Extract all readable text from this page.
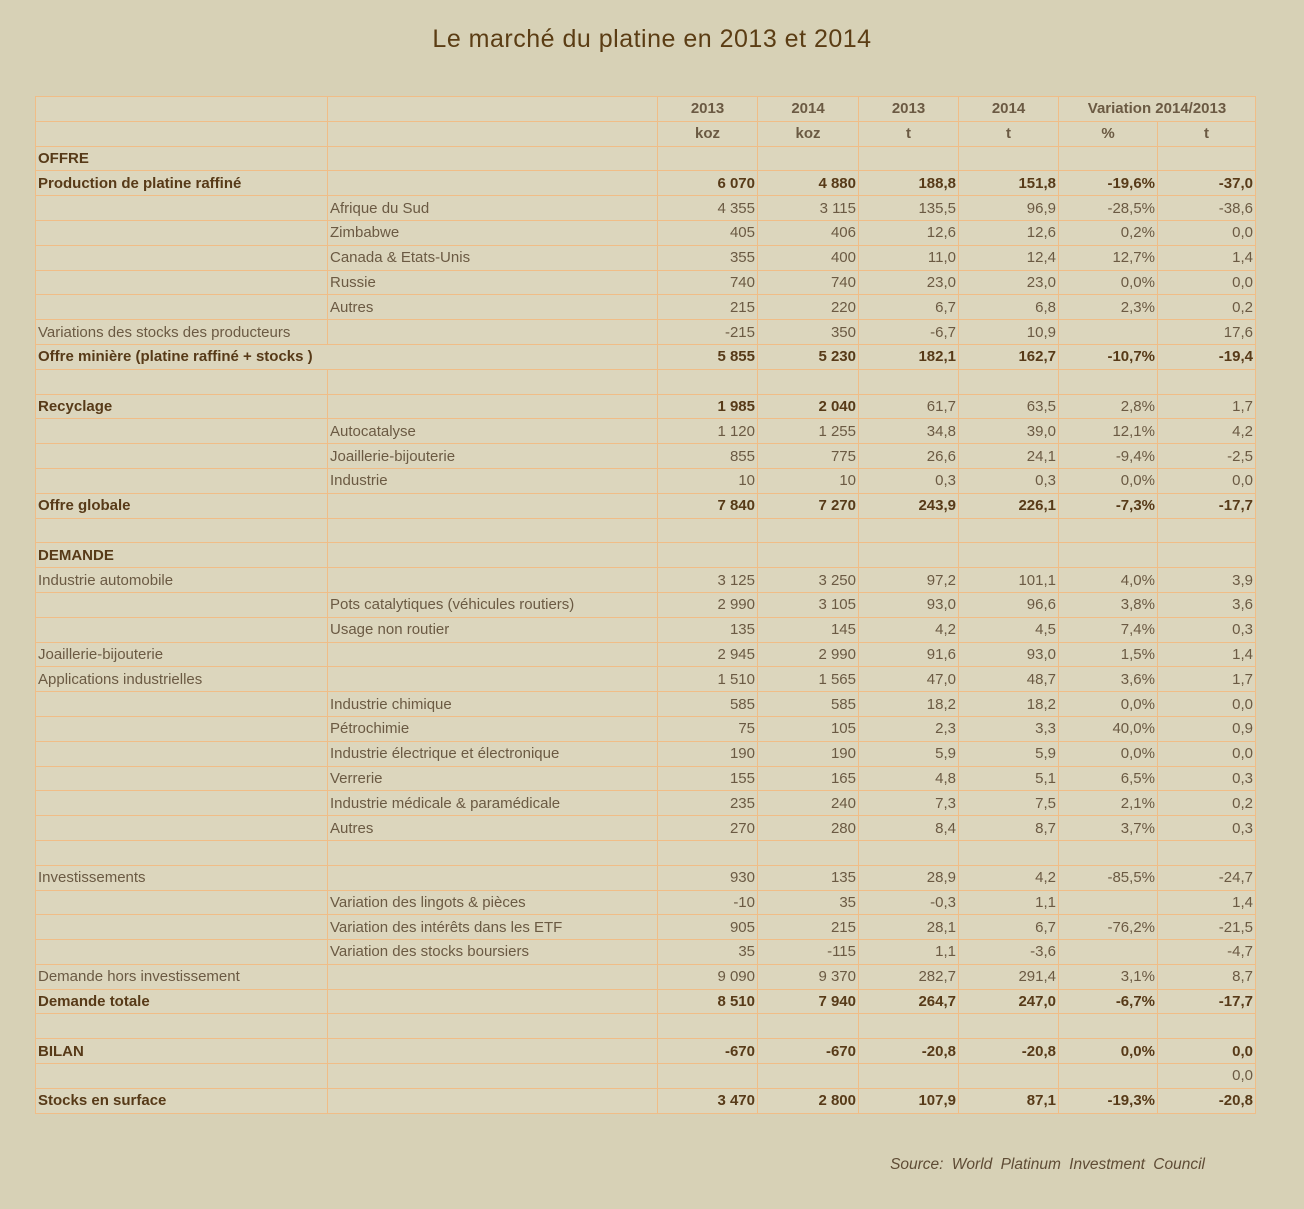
Le marché du platine en 2013 et 2014
		2013	2014	2013	2014	Variation 2014/2013	
		koz	koz	t	t	%	t
OFFRE							
Production de platine raffiné		6 070	4 880	188,8	151,8	-19,6%	-37,0
	Afrique du Sud	4 355	3 115	135,5	96,9	-28,5%	-38,6
	Zimbabwe	405	406	12,6	12,6	0,2%	0,0
	Canada & Etats-Unis	355	400	11,0	12,4	12,7%	1,4
	Russie	740	740	23,0	23,0	0,0%	0,0
	Autres	215	220	6,7	6,8	2,3%	0,2
Variations des stocks des producteurs		-215	350	-6,7	10,9		17,6
Offre minière (platine raffiné + stocks )		5 855	5 230	182,1	162,7	-10,7%	-19,4

Recyclage		1 985	2 040	61,7	63,5	2,8%	1,7
	Autocatalyse	1 120	1 255	34,8	39,0	12,1%	4,2
	Joaillerie-bijouterie	855	775	26,6	24,1	-9,4%	-2,5
	Industrie	10	10	0,3	0,3	0,0%	0,0
Offre globale		7 840	7 270	243,9	226,1	-7,3%	-17,7

DEMANDE							
Industrie automobile		3 125	3 250	97,2	101,1	4,0%	3,9
	Pots catalytiques (véhicules routiers)	2 990	3 105	93,0	96,6	3,8%	3,6
	Usage non routier	135	145	4,2	4,5	7,4%	0,3
Joaillerie-bijouterie		2 945	2 990	91,6	93,0	1,5%	1,4
Applications industrielles		1 510	1 565	47,0	48,7	3,6%	1,7
	Industrie chimique	585	585	18,2	18,2	0,0%	0,0
	Pétrochimie	75	105	2,3	3,3	40,0%	0,9
	Industrie électrique et électronique	190	190	5,9	5,9	0,0%	0,0
	Verrerie	155	165	4,8	5,1	6,5%	0,3
	Industrie médicale & paramédicale	235	240	7,3	7,5	2,1%	0,2
	Autres	270	280	8,4	8,7	3,7%	0,3

Investissements		930	135	28,9	4,2	-85,5%	-24,7
	Variation des lingots & pièces	-10	35	-0,3	1,1		1,4
	Variation des intérêts dans les ETF	905	215	28,1	6,7	-76,2%	-21,5
	Variation des stocks boursiers	35	-115	1,1	-3,6		-4,7
Demande hors investissement		9 090	9 370	282,7	291,4	3,1%	8,7
Demande totale		8 510	7 940	264,7	247,0	-6,7%	-17,7

BILAN		-670	-670	-20,8	-20,8	0,0%	0,0
							0,0
Stocks en surface		3 470	2 800	107,9	87,1	-19,3%	-20,8
Source: World Platinum Investment Council
